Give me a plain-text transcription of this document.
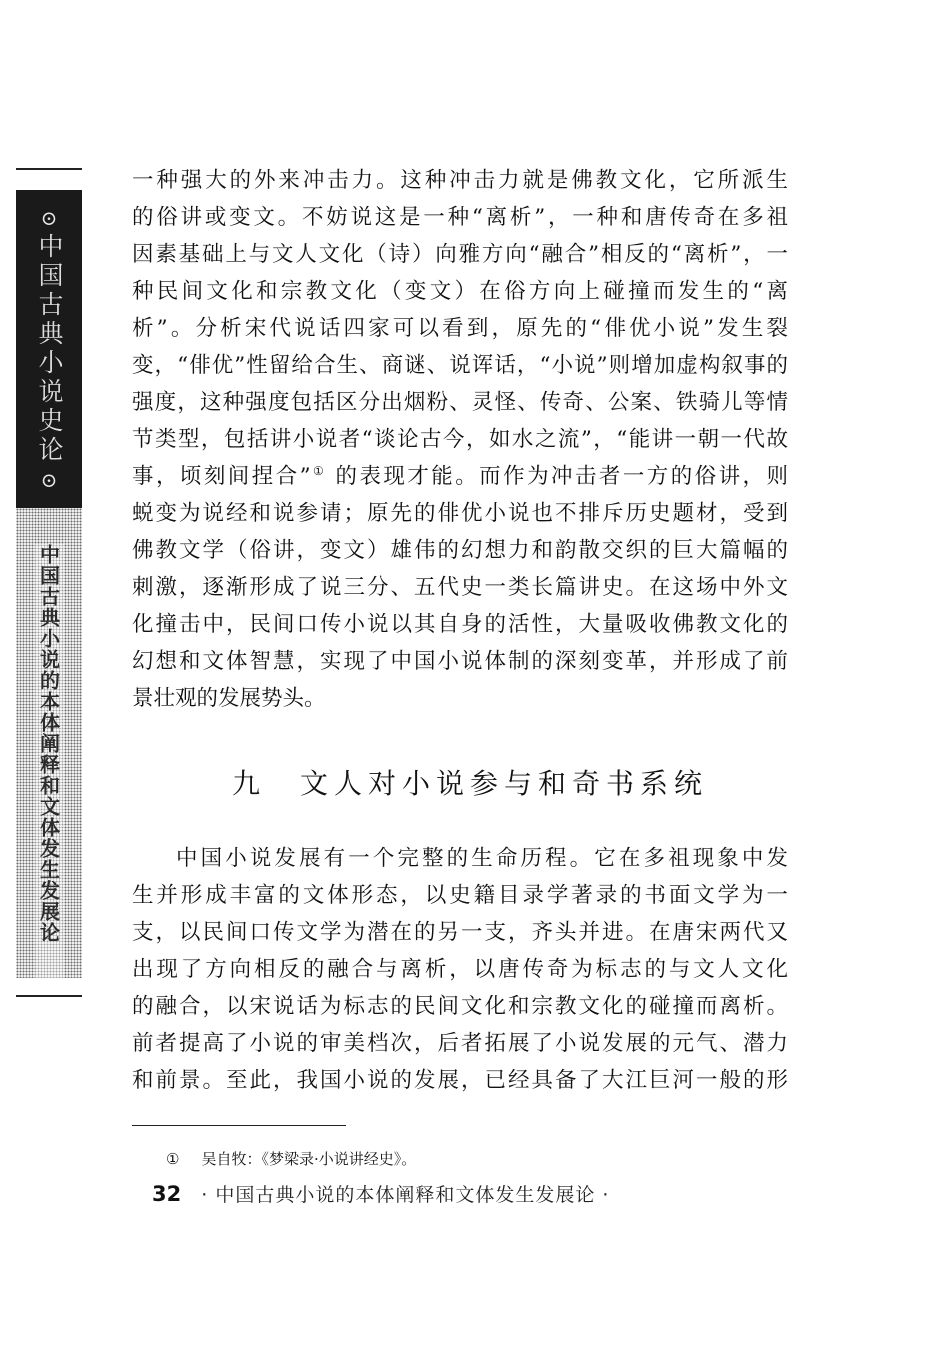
⊙
中国古典小说史论
⊙
中国古典小说的本体阐释和文体发生发展论
一种强大的外来冲击力。这种冲击力就是佛教文化，它所派生
的俗讲或变文。不妨说这是一种“离析”，一种和唐传奇在多祖
因素基础上与文人文化（诗）向雅方向“融合”相反的“离析”，一
种民间文化和宗教文化（变文）在俗方向上碰撞而发生的“离
析”。分析宋代说话四家可以看到，原先的“俳优小说”发生裂
变，“俳优”性留给合生、商谜、说诨话，“小说”则增加虚构叙事的
强度，这种强度包括区分出烟粉、灵怪、传奇、公案、铁骑儿等情
节类型，包括讲小说者“谈论古今，如水之流”，“能讲一朝一代故
事，顷刻间捏合”① 的表现才能。而作为冲击者一方的俗讲，则
蜕变为说经和说参请；原先的俳优小说也不排斥历史题材，受到
佛教文学（俗讲，变文）雄伟的幻想力和韵散交织的巨大篇幅的
刺激，逐渐形成了说三分、五代史一类长篇讲史。在这场中外文
化撞击中，民间口传小说以其自身的活性，大量吸收佛教文化的
幻想和文体智慧，实现了中国小说体制的深刻变革，并形成了前
景壮观的发展势头。
九 文人对小说参与和奇书系统
中国小说发展有一个完整的生命历程。它在多祖现象中发
生并形成丰富的文体形态，以史籍目录学著录的书面文学为一
支，以民间口传文学为潜在的另一支，齐头并进。在唐宋两代又
出现了方向相反的融合与离析，以唐传奇为标志的与文人文化
的融合，以宋说话为标志的民间文化和宗教文化的碰撞而离析。
前者提高了小说的审美档次，后者拓展了小说发展的元气、潜力
和前景。至此，我国小说的发展，已经具备了大江巨河一般的形
① 吴自牧：《梦梁录·小说讲经史》。
32 · 中国古典小说的本体阐释和文体发生发展论 ·
